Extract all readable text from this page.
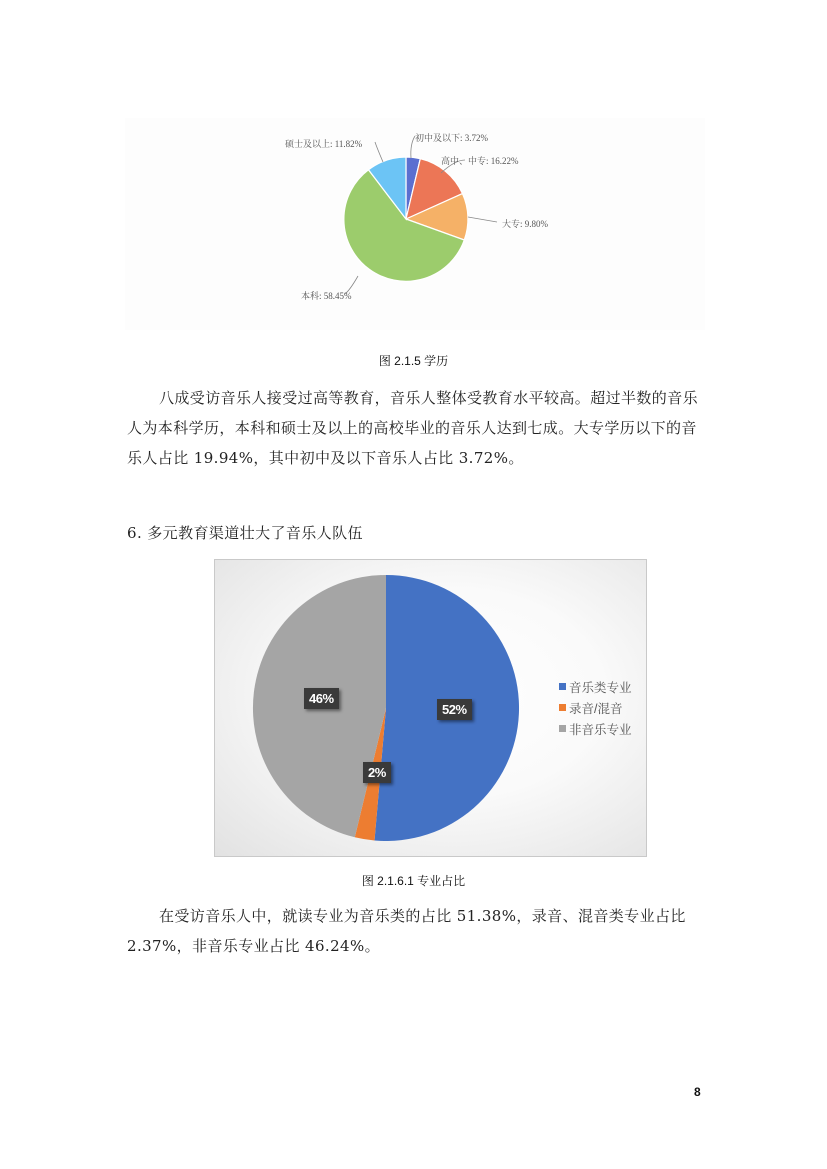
初中及以下: 3.72%
高中、中专: 16.22%
大专: 9.80%
本科: 58.45%
硕士及以上: 11.82%
图 2.1.5 学历

八成受访音乐人接受过高等教育，音乐人整体受教育水平较高。超过半数的音乐人为本科学历，本科和硕士及以上的高校毕业的音乐人达到七成。大专学历以下的音乐人占比 19.94%，其中初中及以下音乐人占比 3.72%。

6. 多元教育渠道壮大了音乐人队伍
52%
2%
46%
音乐类专业
录音/混音
非音乐专业
图 2.1.6.1 专业占比

在受访音乐人中，就读专业为音乐类的占比 51.38%，录音、混音类专业占比 2.37%，非音乐专业占比 46.24%。

8
